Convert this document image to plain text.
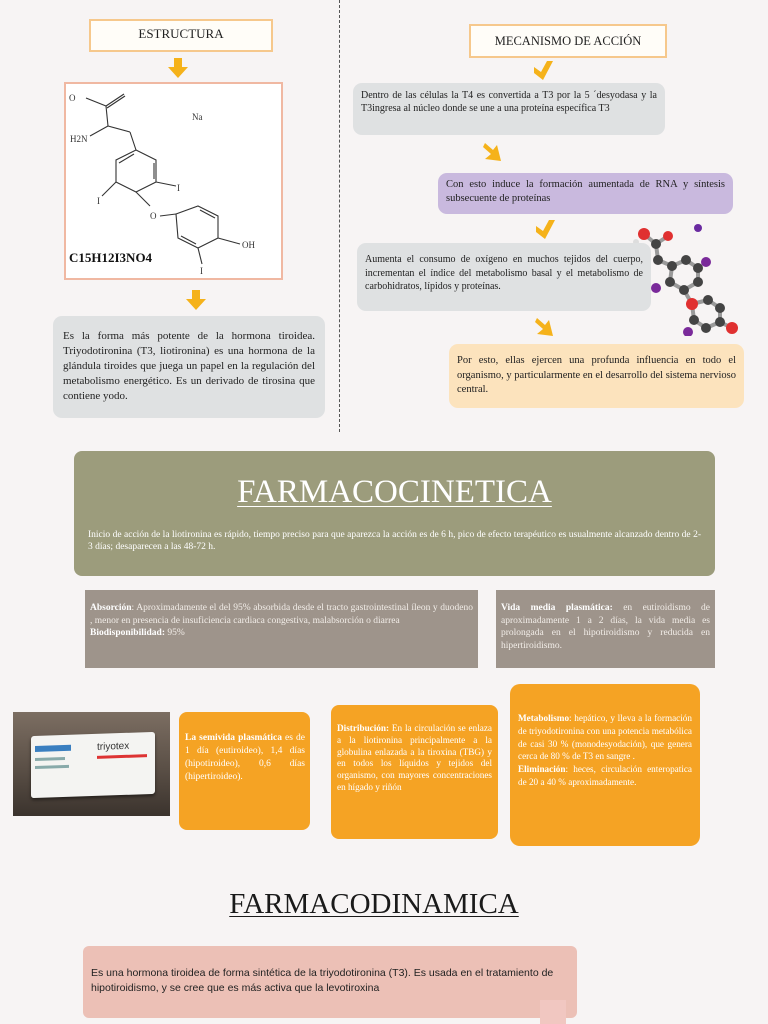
ESTRUCTURA
O
Na
H2N
I
I
O
OH
I
C15H12I3NO4
Es la forma más potente de la hormona tiroidea. Triyodotironina (T3, liotironina) es una hormona de la glándula tiroides que juega un papel en la regulación del metabolismo energético. Es un derivado de tirosina que contiene yodo.
MECANISMO DE ACCIÓN
Dentro de las células la T4 es convertida a T3 por la 5 ´desyodasa y la T3ingresa al núcleo donde se une a una proteína específica T3
Con esto induce la formación aumentada de RNA y síntesis subsecuente de proteínas
Aumenta el consumo de oxígeno en muchos tejidos del cuerpo, incrementan el índice del metabolismo basal y el metabolismo de carbohidratos, lípidos y proteínas.
Por esto, ellas ejercen una profunda influencia en todo el organismo, y particularmente en el desarrollo del sistema nervioso central.
FARMACOCINETICA
Inicio de acción de la liotironina es rápido, tiempo preciso para que aparezca la acción es de 6 h, pico de efecto terapéutico es usualmente alcanzado dentro de 2-3 días; desaparecen a las 48-72 h.
Absorción: Aproximadamente el del 95% absorbida desde el tracto gastrointestinal íleon y duodeno , menor en presencia de insuficiencia cardiaca congestiva, malabsorción o diarrea
Biodisponibilidad: 95%
Vida media plasmática: en eutiroidismo de aproximadamente 1 a 2 días, la vida media es prolongada en el hipotiroidismo y reducida en hipertiroidismo.
triyotex
La semivida plasmática es de 1 día (eutiroideo), 1,4 días (hipotiroideo), 0,6 días (hipertiroideo).
Distribución: En la circulación se enlaza a la liotironina principalmente a la globulina enlazada a la tiroxina (TBG) y en todos los líquidos y tejidos del organismo, con mayores concentraciones en hígado y riñón
Metabolismo: hepático, y lleva a la formación de triyodotironina con una potencia metabólica de casi 30 % (monodesyodación), que genera cerca de 80 % de T3 en sangre .
Eliminación: heces, circulación enteropatica de 20 a 40 % aproximadamente.
FARMACODINAMICA
Es una hormona tiroidea de forma sintética de la triyodotironina (T3). Es usada en el tratamiento de hipotiroidismo, y se cree que es más activa que la levotiroxina
